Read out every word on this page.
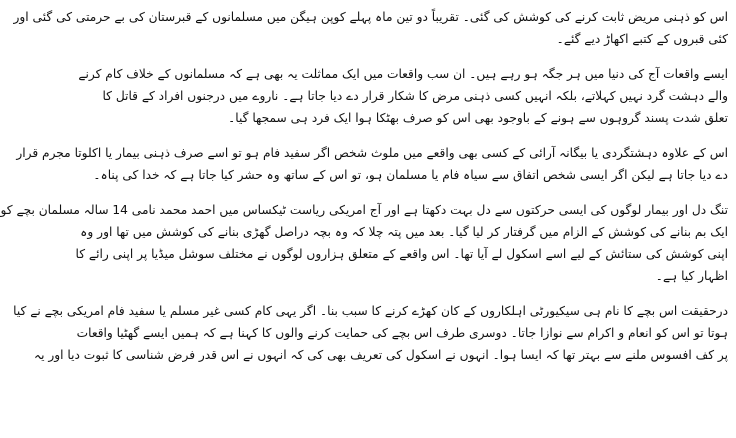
اس کو ذہنی مریض ثابت کرنے کی کوشش کی گئی۔ تقریباً دو تین ماہ پہلے کوپن ہیگن میں مسلمانوں کے قبرستان کی بے حرمتی کی گئی اور
کئی قبروں کے کتبے اکھاڑ دیے گئے۔

ایسے واقعات آج کی دنیا میں ہر جگہ ہو رہے ہیں۔ ان سب واقعات میں ایک مماثلت یہ بھی ہے کہ مسلمانوں کے خلاف کام کرنے
والے دہشت گرد نہیں کہلاتے، بلکہ انہیں کسی ذہنی مرض کا شکار قرار دے دیا جاتا ہے۔ ناروے میں درجنوں افراد کے قاتل کا
تعلق شدت پسند گروہوں سے ہونے کے باوجود بھی اس کو صرف بھٹکا ہوا ایک فرد ہی سمجھا گیا۔

اس کے علاوہ دہشتگردی یا بیگانہ آرائی کے کسی بھی واقعے میں ملوث شخص اگر سفید فام ہو تو اسے صرف ذہنی بیمار یا اکلوتا مجرم قرار
دے دیا جاتا ہے لیکن اگر ایسی شخص اتفاق سے سیاہ فام یا مسلمان ہو، تو اس کے ساتھ وہ حشر کیا جاتا ہے کہ خدا کی پناہ۔

تنگ دل اور بیمار لوگوں کی ایسی حرکتوں سے دل بہت دکھتا ہے اور آج امریکی ریاست ٹیکساس میں احمد محمد نامی 14 سالہ مسلمان بچے کو
ایک بم بنانے کی کوشش کے الزام میں گرفتار کر لیا گیا۔ بعد میں پتہ چلا کہ وہ بچہ دراصل گھڑی بنانے کی کوشش میں تھا اور وہ
اپنی کوشش کی ستائش کے لیے اسے اسکول لے آیا تھا۔ اس واقعے کے متعلق ہزاروں لوگوں نے مختلف سوشل میڈیا پر اپنی رائے کا
اظہار کیا ہے۔

درحقیقت اس بچے کا نام ہی سیکیورٹی اہلکاروں کے کان کھڑے کرنے کا سبب بنا۔ اگر یہی کام کسی غیر مسلم یا سفید فام امریکی بچے نے کیا
ہوتا تو اس کو انعام و اکرام سے نوازا جاتا۔ دوسری طرف اس بچے کی حمایت کرنے والوں کا کہنا ہے کہ ہمیں ایسے گھٹیا واقعات
پر کف افسوس ملنے سے بہتر تھا کہ ایسا ہوا۔ انہوں نے اسکول کی تعریف بھی کی کہ انہوں نے اس قدر فرض شناسی کا ثبوت دیا اور یہ
